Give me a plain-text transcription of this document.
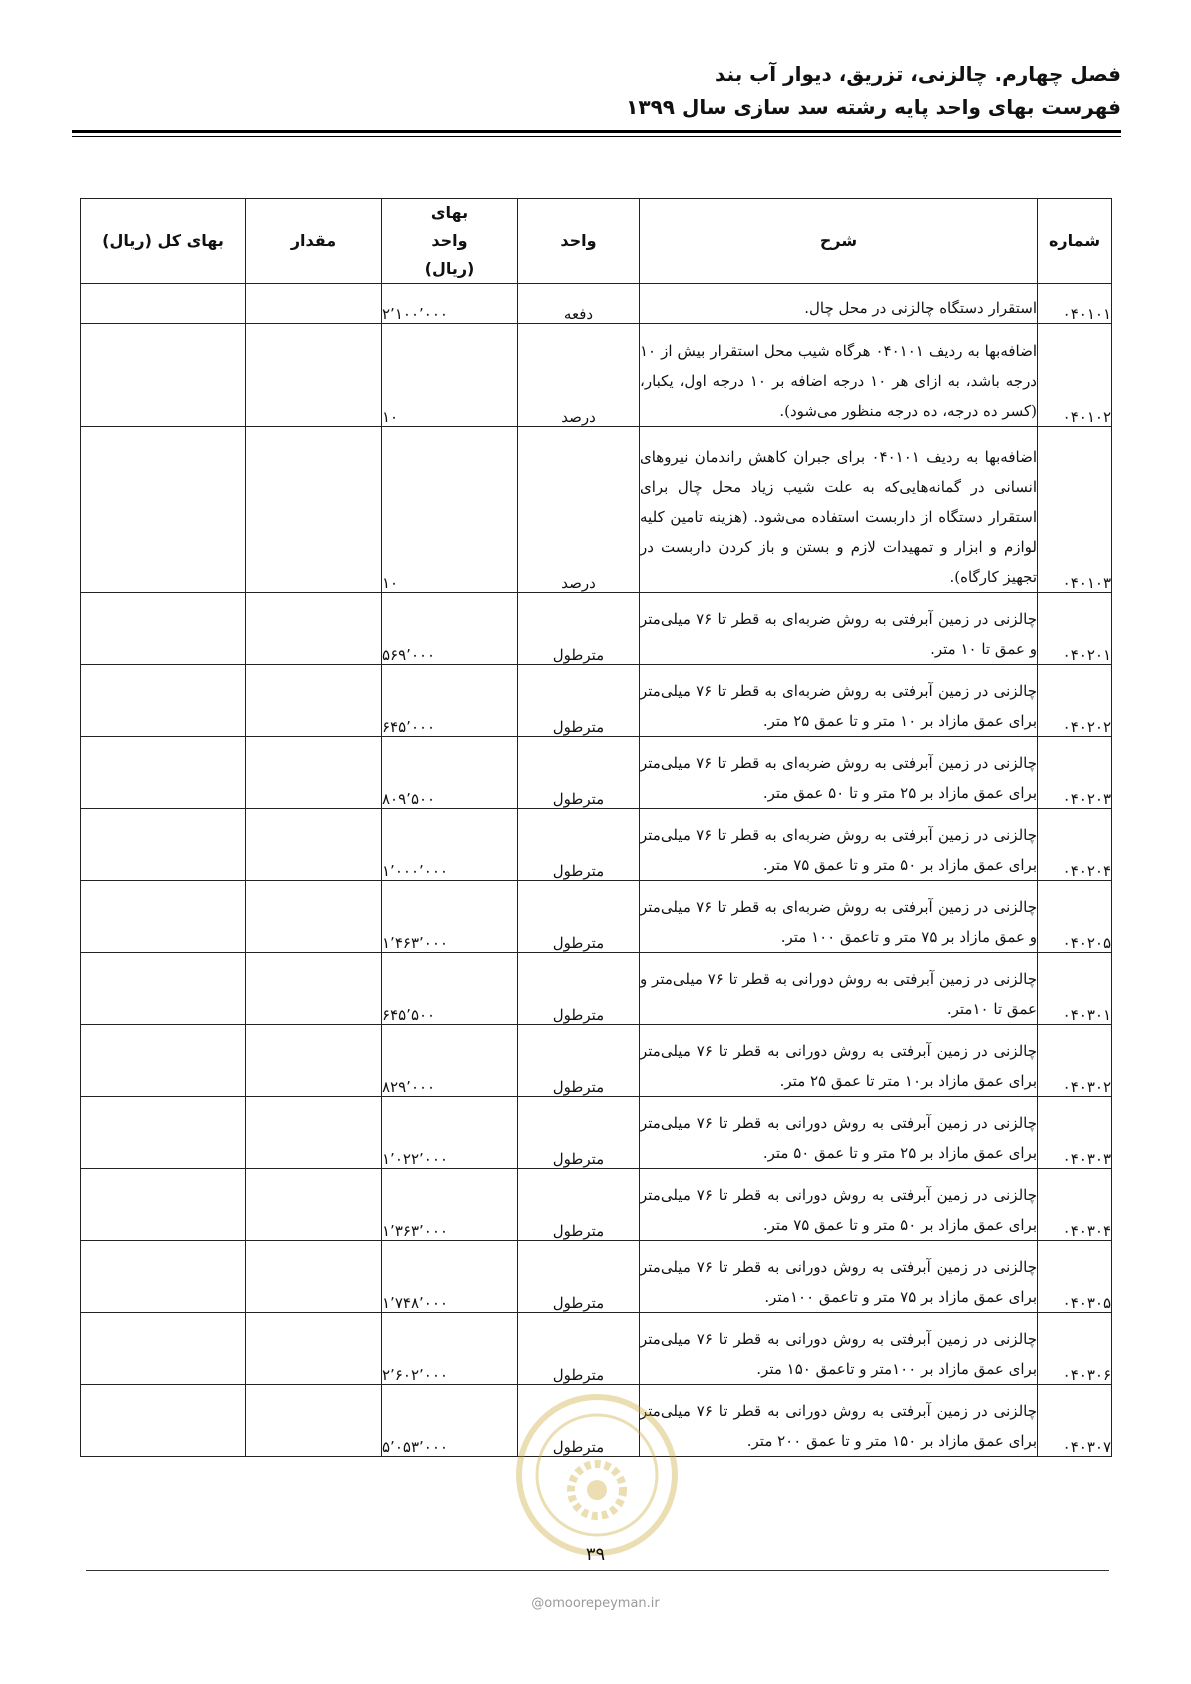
فصل چهارم. چالزنی، تزریق، دیوار آب بند
فهرست بهای واحد پایه رشته سد سازی سال ۱۳۹۹
شماره	شرح	واحد	بهای واحد (ریال)	مقدار	بهای کل (ریال)
۰۴۰۱۰۱	استقرار دستگاه چالزنی در محل چال.	دفعه	۲٬۱۰۰٬۰۰۰		
۰۴۰۱۰۲	اضافه‌بها به ردیف ۰۴۰۱۰۱ هرگاه شیب محل استقرار بیش از ۱۰ درجه باشد، به ازای هر ۱۰ درجه اضافه بر ۱۰ درجه اول، یکبار، (کسر ده درجه، ده درجه منظور می‌شود).	درصد	۱۰		
۰۴۰۱۰۳	اضافه‌بها به ردیف ۰۴۰۱۰۱ برای جبران کاهش راندمان نیروهای انسانی در گمانه‌هایی‌که به علت شیب زیاد محل چال برای استقرار دستگاه از داربست استفاده می‌شود. (هزینه تامین کلیه لوازم و ابزار و تمهیدات لازم و بستن و باز کردن داربست در تجهیز کارگاه).	درصد	۱۰		
۰۴۰۲۰۱	چالزنی در زمین آبرفتی به روش ضربه‌ای به قطر تا ۷۶ میلی‌متر و عمق تا ۱۰ متر.	مترطول	۵۶۹٬۰۰۰		
۰۴۰۲۰۲	چالزنی در زمین آبرفتی به روش ضربه‌ای به قطر تا ۷۶ میلی‌متر برای عمق مازاد بر ۱۰ متر و تا عمق ۲۵ متر.	مترطول	۶۴۵٬۰۰۰		
۰۴۰۲۰۳	چالزنی در زمین آبرفتی به روش ضربه‌ای به قطر تا ۷۶ میلی‌متر برای عمق مازاد بر ۲۵ متر و تا ۵۰ عمق متر.	مترطول	۸۰۹٬۵۰۰		
۰۴۰۲۰۴	چالزنی در زمین آبرفتی به روش ضربه‌ای به قطر تا ۷۶ میلی‌متر برای عمق مازاد بر ۵۰ متر و تا عمق ۷۵ متر.	مترطول	۱٬۰۰۰٬۰۰۰		
۰۴۰۲۰۵	چالزنی در زمین آبرفتی به روش ضربه‌ای به قطر تا ۷۶ میلی‌متر و عمق مازاد بر ۷۵ متر و تاعمق ۱۰۰ متر.	مترطول	۱٬۴۶۳٬۰۰۰		
۰۴۰۳۰۱	چالزنی در زمین آبرفتی به روش دورانی به قطر تا ۷۶ میلی‌متر و عمق تا ۱۰متر.	مترطول	۶۴۵٬۵۰۰		
۰۴۰۳۰۲	چالزنی در زمین آبرفتی به روش دورانی به قطر تا ۷۶ میلی‌متر برای عمق مازاد بر۱۰ متر تا عمق ۲۵ متر.	مترطول	۸۲۹٬۰۰۰		
۰۴۰۳۰۳	چالزنی در زمین آبرفتی به روش دورانی به قطر تا ۷۶ میلی‌متر برای عمق مازاد بر ۲۵ متر و تا عمق ۵۰ متر.	مترطول	۱٬۰۲۲٬۰۰۰		
۰۴۰۳۰۴	چالزنی در زمین آبرفتی به روش دورانی به قطر تا ۷۶ میلی‌متر برای عمق مازاد بر ۵۰ متر و تا عمق ۷۵ متر.	مترطول	۱٬۳۶۳٬۰۰۰		
۰۴۰۳۰۵	چالزنی در زمین آبرفتی به روش دورانی به قطر تا ۷۶ میلی‌متر برای عمق مازاد بر ۷۵ متر و تاعمق ۱۰۰متر.	مترطول	۱٬۷۴۸٬۰۰۰		
۰۴۰۳۰۶	چالزنی در زمین آبرفتی به روش دورانی به قطر تا ۷۶ میلی‌متر برای عمق مازاد بر ۱۰۰متر و تاعمق ۱۵۰ متر.	مترطول	۲٬۶۰۲٬۰۰۰		
۰۴۰۳۰۷	چالزنی در زمین آبرفتی به روش دورانی به قطر تا ۷۶ میلی‌متر برای عمق مازاد بر ۱۵۰ متر و تا عمق ۲۰۰ متر.	مترطول	۵٬۰۵۳٬۰۰۰		
۳۹
@omoorepeyman.ir
